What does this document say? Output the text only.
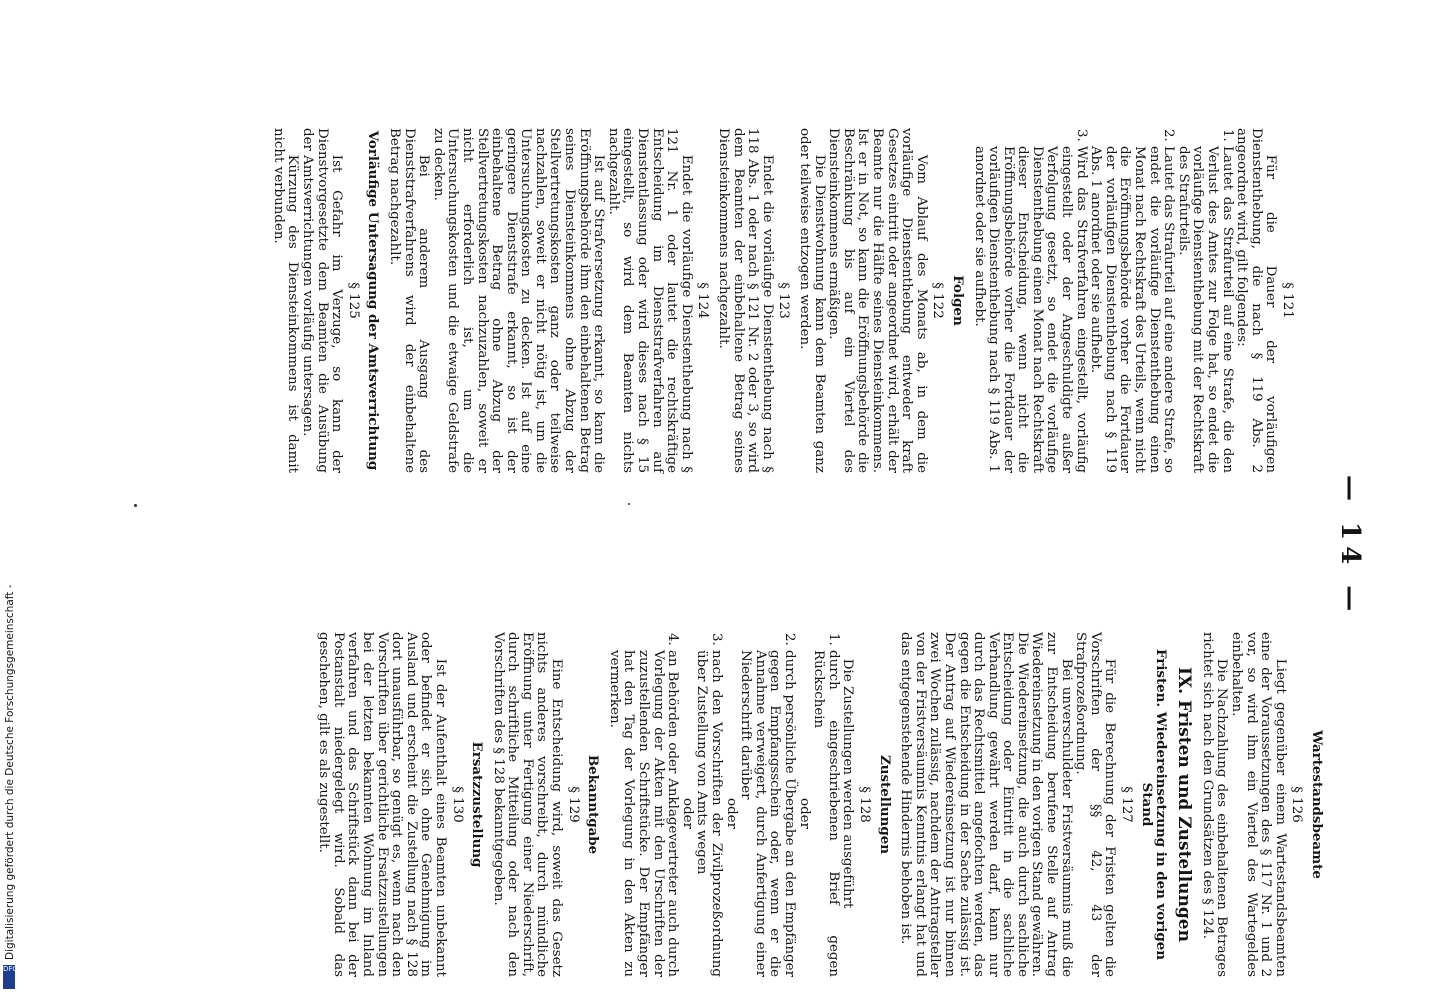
— 14 —
§ 121

Für die Dauer der vorläufigen Dienstenthebung, die nach § 119 Abs. 2 angeordnet wird, gilt folgendes:

1. Lautet das Strafurteil auf eine Strafe, die den Verlust des Amtes zur Folge hat, so endet die vorläufige Dienstenthebung mit der Rechtskraft des Strafurteils.
2. Lautet das Strafurteil auf eine andere Strafe, so endet die vorläufige Dienstenthebung einen Monat nach Rechtskraft des Urteils, wenn nicht die Eröffnungsbehörde vorher die Fortdauer der vorläufigen Dienstenthebung nach § 119 Abs. 1 anordnet oder sie aufhebt.
3. Wird das Strafverfahren eingestellt, vorläufig eingestellt oder der Angeschuldigte außer Verfolgung gesetzt, so endet die vorläufige Dienstenthebung einen Monat nach Rechtskraft dieser Entscheidung, wenn nicht die Eröffnungsbehörde vorher die Fortdauer der vorläufigen Dienstenthebung nach § 119 Abs. 1 anordnet oder sie aufhebt.
Folgen
§ 122

Vom Ablauf des Monats ab, in dem die vorläufige Dienstenthebung entweder kraft Gesetzes eintritt oder angeordnet wird, erhält der Beamte nur die Hälfte seines Diensteinkommens. Ist er in Not, so kann die Eröffnungsbehörde die Beschränkung bis auf ein Viertel des Diensteinkommens ermäßigen.

Die Dienstwohnung kann dem Beamten ganz oder teilweise entzogen werden.

§ 123

Endet die vorläufige Dienstenthebung nach § 118 Abs. 1 oder nach § 121 Nr. 2 oder 3, so wird dem Beamten der einbehaltene Betrag seines Diensteinkommens nachgezahlt.

§ 124

Endet die vorläufige Dienstenthebung nach § 121 Nr. 1 oder lautet die rechtskräftige Entscheidung im Dienststrafverfahren auf Dienstentlassung oder wird dieses nach § 15 eingestellt, so wird dem Beamten nichts nachgezahlt.

Ist auf Strafversetzung erkannt, so kann die Eröffnungsbehörde ihm den einbehaltenen Betrag seines Diensteinkommens ohne Abzug der Stellvertretungskosten ganz oder teilweise nachzahlen, soweit er nicht nötig ist, um die Untersuchungskosten zu decken. Ist auf eine geringere Dienststrafe erkannt, so ist der einbehaltene Betrag ohne Abzug der Stellvertretungskosten nachzuzahlen, soweit er nicht erforderlich ist, um die Untersuchungskosten und die etwaige Geldstrafe zu decken.

Bei anderem Ausgang des Dienststrafverfahrens wird der einbehaltene Betrag nachgezahlt.

Vorläufige Untersagung der Amtsverrichtung
§ 125

Ist Gefahr im Verzuge, so kann der Dienstvorgesetzte dem Beamten die Ausübung der Amtsverrichtungen vorläufig untersagen.

Kürzung des Diensteinkommens ist damit nicht verbunden.

Wartestandsbeamte
§ 126

Liegt gegenüber einem Wartestandsbeamten eine der Voraussetzungen des § 117 Nr. 1 und 2 vor, so wird ihm ein Viertel des Wartegeldes einbehalten.

Die Nachzahlung des einbehaltenen Betrages richtet sich nach den Grundsätzen des § 124.

IX. Fristen und Zustellungen
Fristen. Wiedereinsetzung in den vorigen Stand
§ 127

Für die Berechnung der Fristen gelten die Vorschriften der §§ 42, 43 der Strafprozeßordnung.

Bei unverschuldeter Fristversäumnis muß die zur Entscheidung berufene Stelle auf Antrag Wiedereinsetzung in den vorigen Stand gewähren. Die Wiedereinsetzung, die auch durch sachliche Entscheidung oder Eintritt in die sachliche Verhandlung gewährt werden darf, kann nur durch das Rechtsmittel angefochten werden, das gegen die Entscheidung in der Sache zulässig ist. Der Antrag auf Wiedereinsetzung ist nur binnen zwei Wochen zulässig, nachdem der Antragsteller von der Fristversäumnis Kenntnis erlangt hat und das entgegenstehende Hindernis behoben ist.

Zustellungen
§ 128

Die Zustellungen werden ausgeführt

1. durch eingeschriebenen Brief gegen Rückschein
oder
2. durch persönliche Übergabe an den Empfänger gegen Empfangsschein oder, wenn er die Annahme verweigert, durch Anfertigung einer Niederschrift darüber
oder
3. nach den Vorschriften der Zivilprozeßordnung über Zustellung von Amts wegen
oder
4. an Behörden oder Anklagevertreter auch durch Vorlegung der Akten mit den Urschriften der zuzustellenden Schriftstücke. Der Empfänger hat den Tag der Vorlegung in den Akten zu vermerken.
Bekanntgabe
§ 129

Eine Entscheidung wird, soweit das Gesetz nichts anderes vorschreibt, durch mündliche Eröffnung unter Fertigung einer Niederschrift, durch schriftliche Mitteilung oder nach den Vorschriften des § 128 bekanntgegeben.

Ersatzzustellung
§ 130

Ist der Aufenthalt eines Beamten unbekannt oder befindet er sich ohne Genehmigung im Ausland und erscheint die Zustellung nach § 128 dort unausführbar, so genügt es, wenn nach den Vorschriften über gerichtliche Ersatzzustellungen bei der letzten bekannten Wohnung im Inland verfahren und das Schriftstück dann bei der Postanstalt niedergelegt wird. Sobald das geschehen, gilt es als zugestellt.

Digitalisierung gefördert durch die Deutsche Forschungsgemeinschaft -
DFG
